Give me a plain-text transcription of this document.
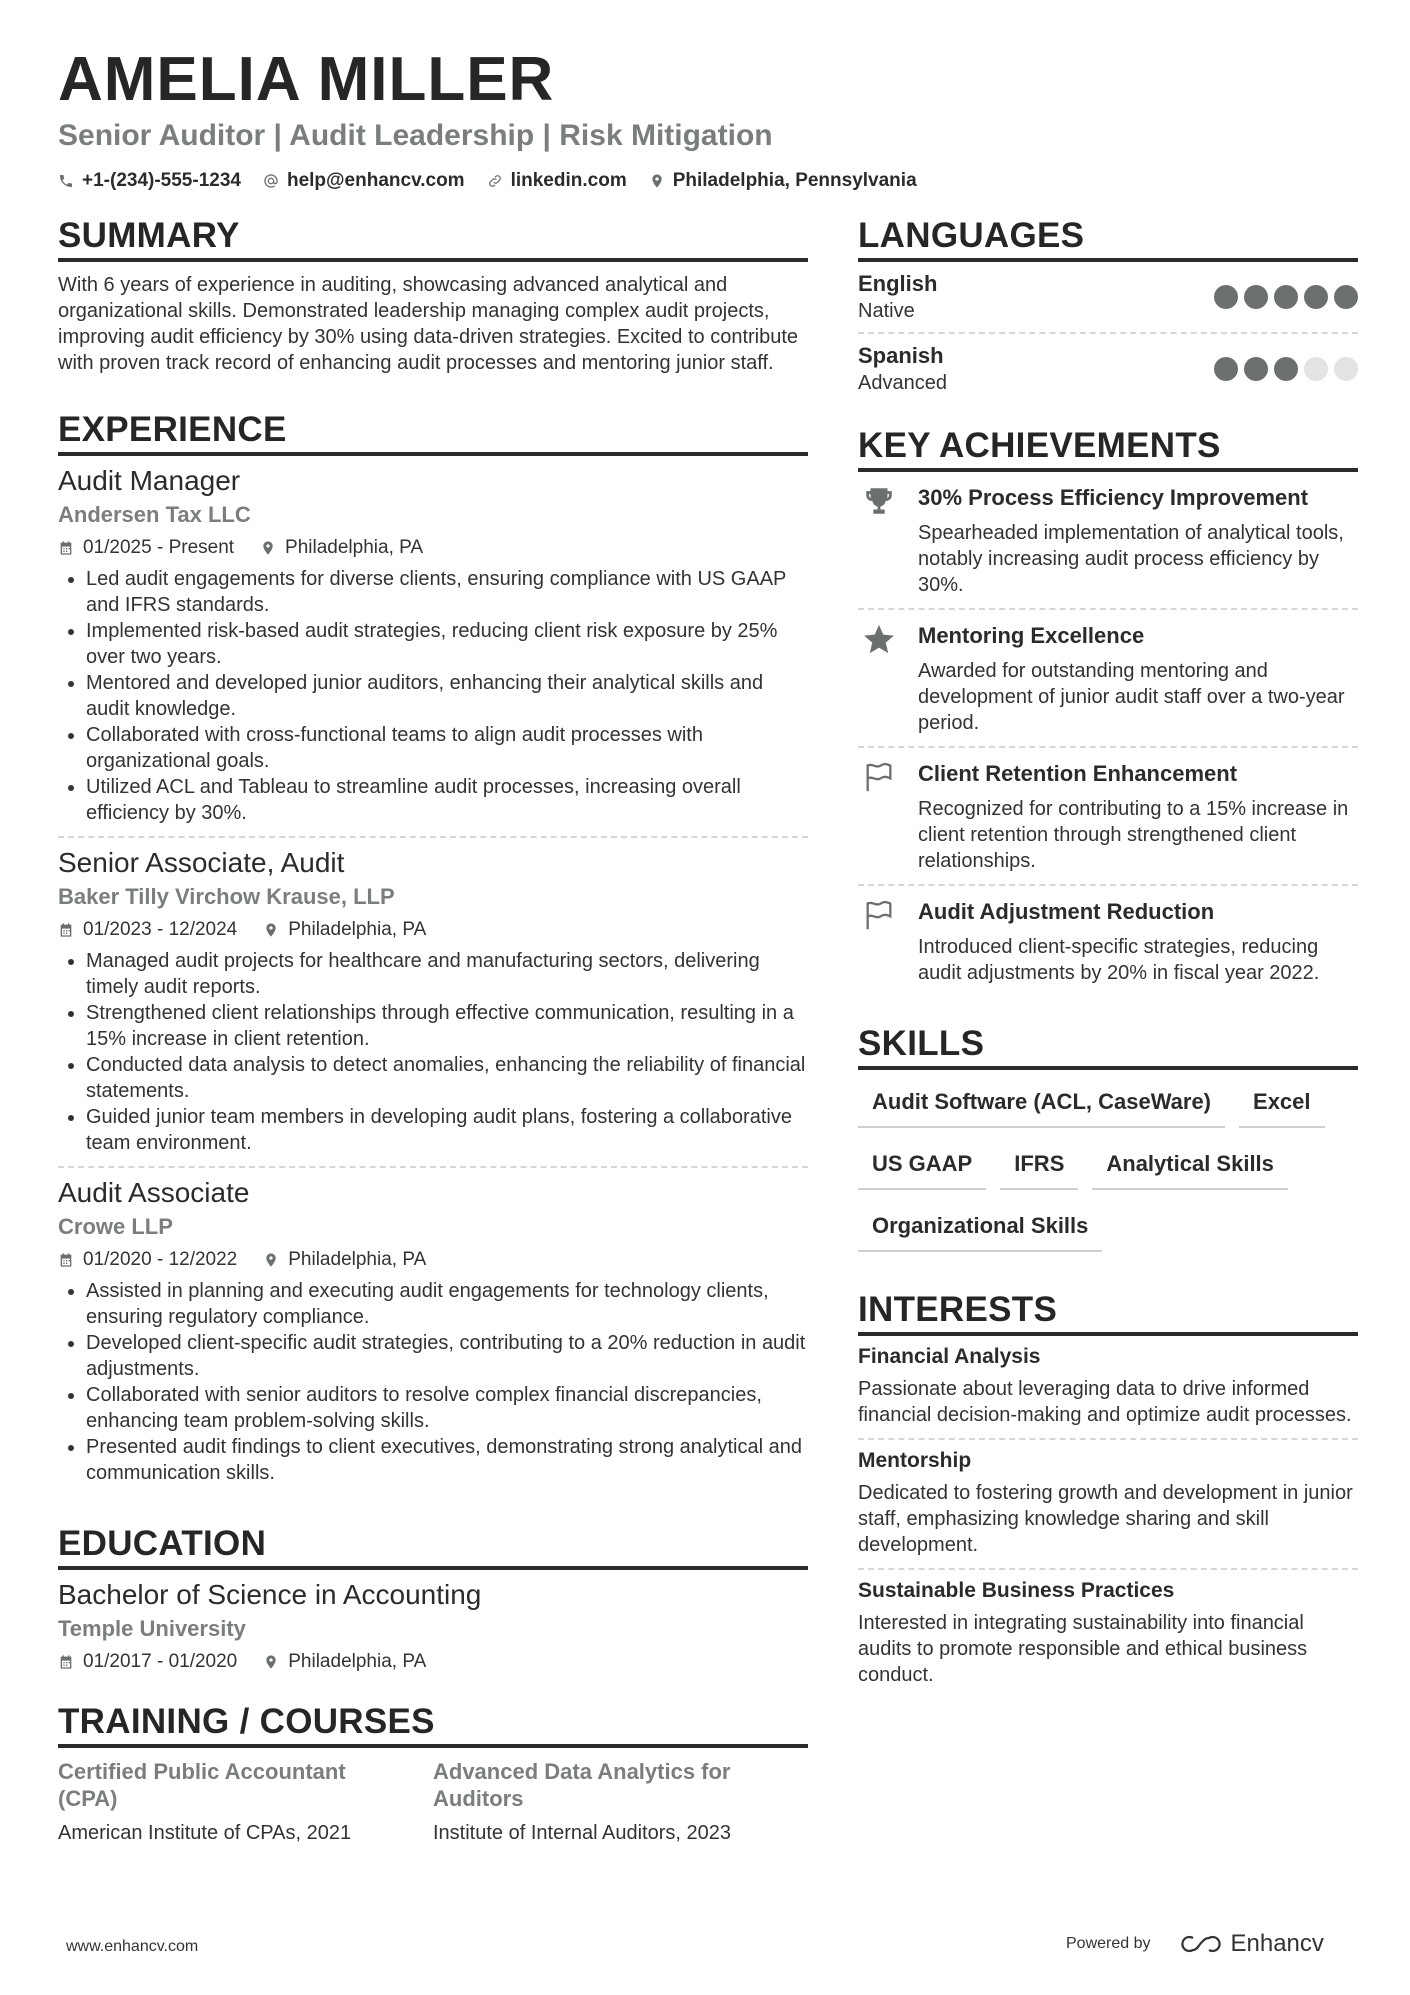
AMELIA MILLER
Senior Auditor | Audit Leadership | Risk Mitigation
+1-(234)-555-1234 help@enhancv.com linkedin.com Philadelphia, Pennsylvania
SUMMARY
With 6 years of experience in auditing, showcasing advanced analytical and organizational skills. Demonstrated leadership managing complex audit projects, improving audit efficiency by 30% using data-driven strategies. Excited to contribute with proven track record of enhancing audit processes and mentoring junior staff.
EXPERIENCE
Audit Manager
Andersen Tax LLC
01/2025 - Present	Philadelphia, PA
• Led audit engagements for diverse clients, ensuring compliance with US GAAP and IFRS standards.
• Implemented risk-based audit strategies, reducing client risk exposure by 25% over two years.
• Mentored and developed junior auditors, enhancing their analytical skills and audit knowledge.
• Collaborated with cross-functional teams to align audit processes with organizational goals.
• Utilized ACL and Tableau to streamline audit processes, increasing overall efficiency by 30%.
Senior Associate, Audit
Baker Tilly Virchow Krause, LLP
01/2023 - 12/2024	Philadelphia, PA
• Managed audit projects for healthcare and manufacturing sectors, delivering timely audit reports.
• Strengthened client relationships through effective communication, resulting in a 15% increase in client retention.
• Conducted data analysis to detect anomalies, enhancing the reliability of financial statements.
• Guided junior team members in developing audit plans, fostering a collaborative team environment.
Audit Associate
Crowe LLP
01/2020 - 12/2022	Philadelphia, PA
• Assisted in planning and executing audit engagements for technology clients, ensuring regulatory compliance.
• Developed client-specific audit strategies, contributing to a 20% reduction in audit adjustments.
• Collaborated with senior auditors to resolve complex financial discrepancies, enhancing team problem-solving skills.
• Presented audit findings to client executives, demonstrating strong analytical and communication skills.
EDUCATION
Bachelor of Science in Accounting
Temple University
01/2017 - 01/2020	Philadelphia, PA
TRAINING / COURSES
Certified Public Accountant (CPA)
American Institute of CPAs, 2021
Advanced Data Analytics for Auditors
Institute of Internal Auditors, 2023
LANGUAGES
English
Native
Spanish
Advanced
KEY ACHIEVEMENTS
30% Process Efficiency Improvement
Spearheaded implementation of analytical tools, notably increasing audit process efficiency by 30%.
Mentoring Excellence
Awarded for outstanding mentoring and development of junior audit staff over a two-year period.
Client Retention Enhancement
Recognized for contributing to a 15% increase in client retention through strengthened client relationships.
Audit Adjustment Reduction
Introduced client-specific strategies, reducing audit adjustments by 20% in fiscal year 2022.
SKILLS
Audit Software (ACL, CaseWare)	Excel
US GAAP	IFRS	Analytical Skills
Organizational Skills
INTERESTS
Financial Analysis
Passionate about leveraging data to drive informed financial decision-making and optimize audit processes.
Mentorship
Dedicated to fostering growth and development in junior staff, emphasizing knowledge sharing and skill development.
Sustainable Business Practices
Interested in integrating sustainability into financial audits to promote responsible and ethical business conduct.
www.enhancv.com	Powered by	Enhancv
